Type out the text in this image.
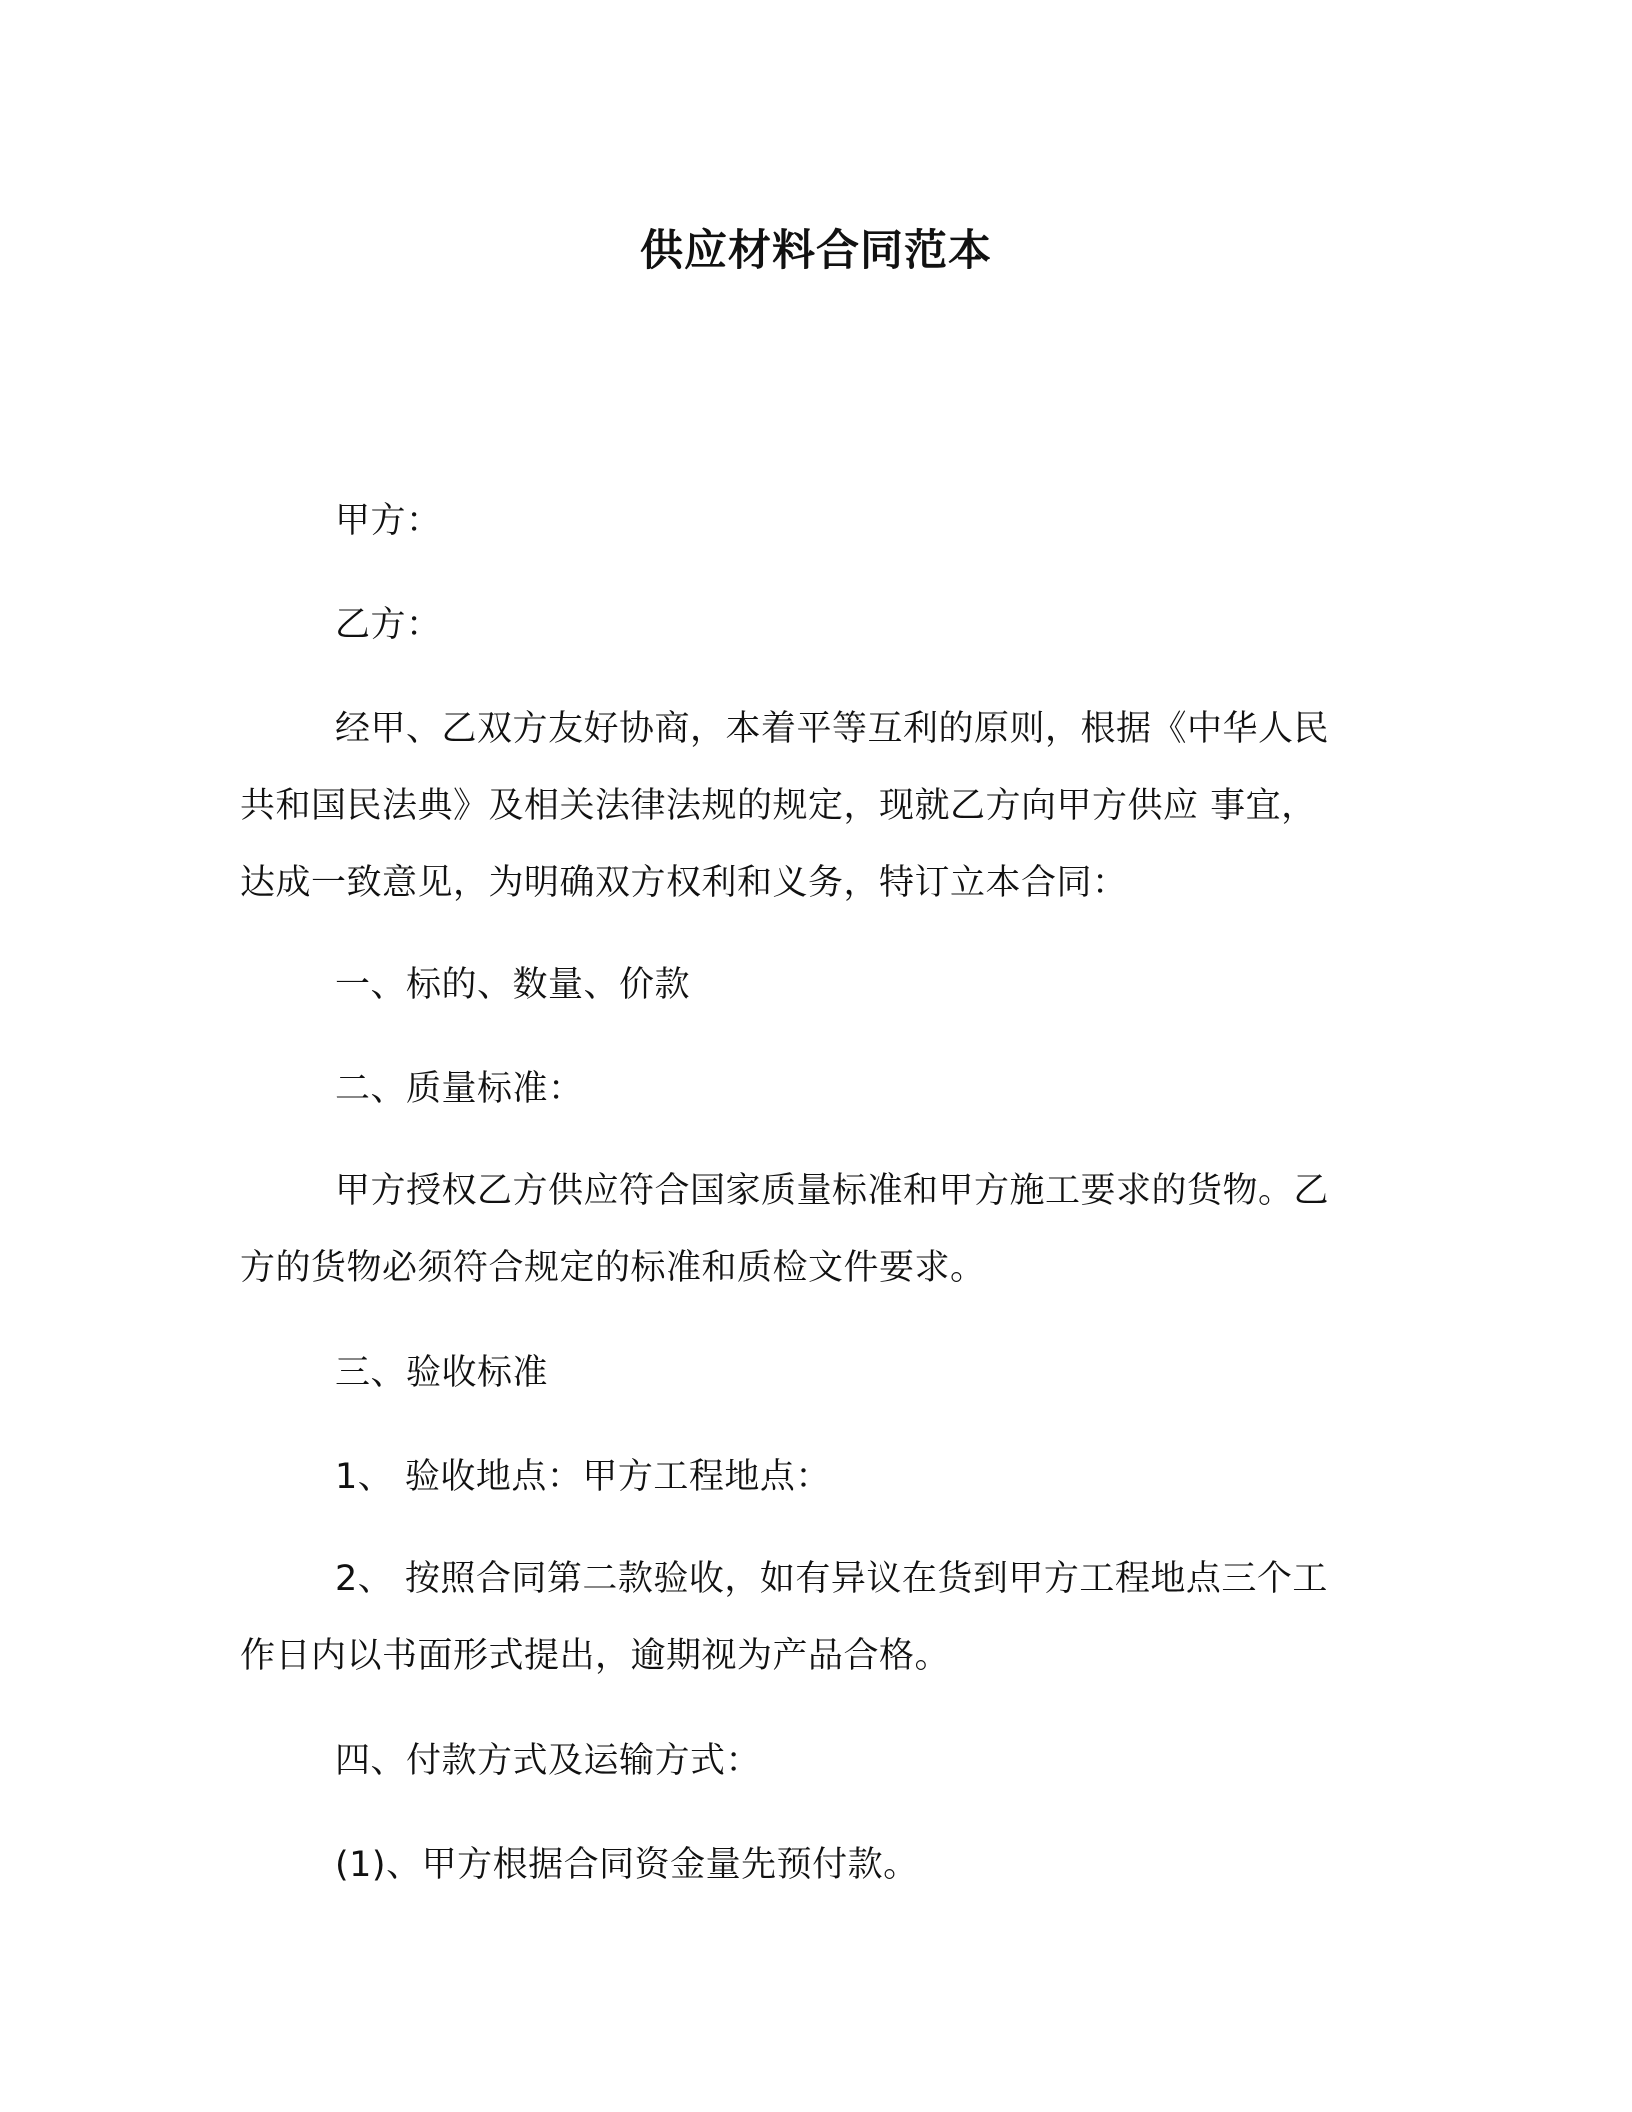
供应材料合同范本
甲方：
乙方：
经甲、乙双方友好协商，本着平等互利的原则，根据《中华人民
共和国民法典》及相关法律法规的规定，现就乙方向甲方供应 事宜，
达成一致意见，为明确双方权利和义务，特订立本合同：
一、标的、数量、价款
二、质量标准：
甲方授权乙方供应符合国家质量标准和甲方施工要求的货物。乙
方的货物必须符合规定的标准和质检文件要求。
三、验收标准
1、 验收地点：甲方工程地点：
2、 按照合同第二款验收，如有异议在货到甲方工程地点三个工
作日内以书面形式提出，逾期视为产品合格。
四、付款方式及运输方式：
(1)、甲方根据合同资金量先预付款。
